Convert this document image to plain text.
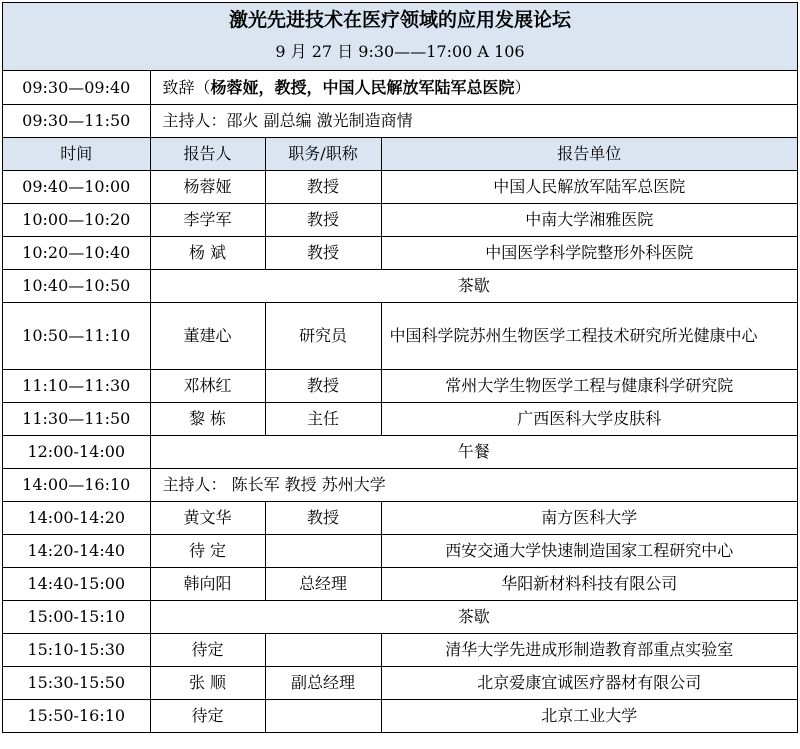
激光先进技术在医疗领域的应用发展论坛
9 月 27 日 9:30——17:00 A 106
09:30—09:40	致辞（杨蓉娅，教授，中国人民解放军陆军总医院）		
09:30—11:50	主持人：邵火 副总编 激光制造商情		
时间	报告人	职务/职称	报告单位
09:40—10:00	杨蓉娅	教授	中国人民解放军陆军总医院
10:00—10:20	李学军	教授	中南大学湘雅医院
10:20—10:40	杨 斌	教授	中国医学科学院整形外科医院
10:40—10:50	茶歇		
10:50—11:10	董建心	研究员	中国科学院苏州生物医学工程技术研究所光健康中心
11:10—11:30	邓林红	教授	常州大学生物医学工程与健康科学研究院
11:30—11:50	黎 栋	主任	广西医科大学皮肤科
12:00-14:00	午餐		
14:00—16:10	主持人： 陈长军 教授 苏州大学		
14:00-14:20	黄文华	教授	南方医科大学
14:20-14:40	待 定		西安交通大学快速制造国家工程研究中心
14:40-15:00	韩向阳	总经理	华阳新材料科技有限公司
15:00-15:10	茶歇		
15:10-15:30	待定		清华大学先进成形制造教育部重点实验室
15:30-15:50	张 顺	副总经理	北京爱康宜诚医疗器材有限公司
15:50-16:10	待定		北京工业大学
